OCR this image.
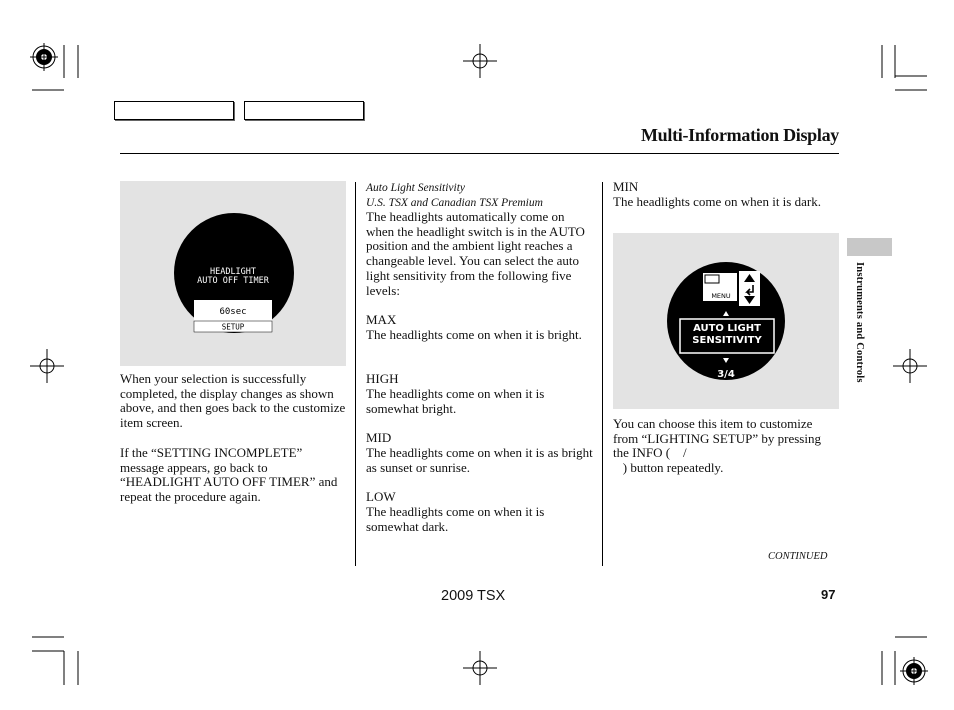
Multi-Information Display
HEADLIGHT
AUTO OFF TIMER
60sec
SETUP

When your selection is successfully completed, the display changes as shown above, and then goes back to the customize item screen.

If the “SETTING INCOMPLETE” message appears, go back to “HEADLIGHT AUTO OFF TIMER” and repeat the procedure again.

Auto Light Sensitivity
U.S. TSX and Canadian TSX Premium

The headlights automatically come on when the headlight switch is in the AUTO position and the ambient light reaches a changeable level. You can select the auto light sensitivity from the following five levels:

MAX
The headlights come on when it is bright.
HIGH
The headlights come on when it is somewhat bright.
MID
The headlights come on when it is as bright as sunset or sunrise.
LOW
The headlights come on when it is somewhat dark.
MIN
The headlights come on when it is dark.
MENU
AUTO LIGHT
SENSITIVITY
3/4

You can choose this item to customize from “LIGHTING SETUP” by pressing the INFO (    /
) button repeatedly.

Instruments and Controls
CONTINUED
2009 TSX	97
